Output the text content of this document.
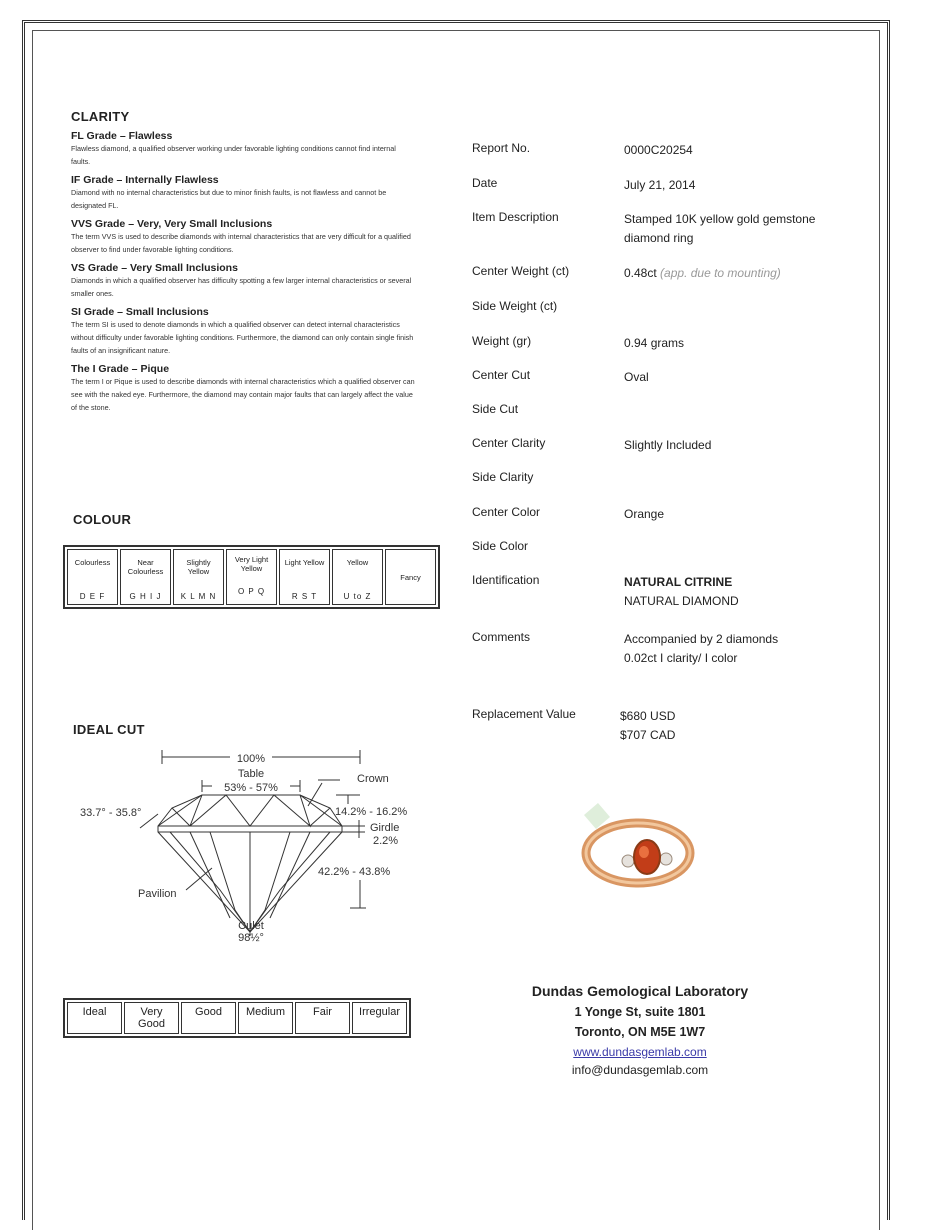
CLARITY
FL Grade – Flawless
Flawless diamond, a qualified observer working under favorable lighting conditions cannot find internal faults.
IF Grade – Internally Flawless
Diamond with no internal characteristics but due to minor finish faults, is not flawless and cannot be designated FL.
VVS Grade – Very, Very Small Inclusions
The term VVS is used to describe diamonds with internal characteristics that are very difficult for a qualified observer to find under favorable lighting conditions.
VS Grade – Very Small Inclusions
Diamonds in which a qualified observer has difficulty spotting a few larger internal characteristics or several smaller ones.
SI Grade – Small Inclusions
The term SI is used to denote diamonds in which a qualified observer can detect internal characteristics without difficulty under favorable lighting conditions. Furthermore, the diamond can only contain single finish faults of an insignificant nature.
The I Grade – Pique
The term I or Pique is used to describe diamonds with internal characteristics which a qualified observer can see with the naked eye. Furthermore, the diamond may contain major faults that can largely affect the value of the stone.
COLOUR
Colourless
D E F

Near Colourless
G H I J

Slightly Yellow
K L M N

Very Light Yellow
O P Q

Light Yellow
R S T

Yellow
U to Z
	Fancy
IDEAL CUT
100%
Table
53% - 57%
Crown
33.7° - 35.8°	14.2% - 16.2%
Girdle
2.2%
42.2% - 43.8%
Pavilion
Culet
98½°
Ideal	Very Good	Good	Medium	Fair	Irregular
Report No.	0000C20254
Date	July 21, 2014
Item Description	Stamped 10K yellow gold gemstone diamond ring
Center Weight (ct)	0.48ct (app. due to mounting)
Side Weight (ct)
Weight (gr)	0.94 grams
Center Cut	Oval
Side Cut
Center Clarity	Slightly Included
Side Clarity
Center Color	Orange
Side Color
Identification	NATURAL CITRINE
NATURAL DIAMOND
Comments	Accompanied by 2 diamonds
0.02ct I clarity/ I color
Replacement Value	$680 USD
$707 CAD
Dundas Gemological Laboratory
1 Yonge St, suite 1801
Toronto, ON M5E 1W7
www.dundasgemlab.com
info@dundasgemlab.com
